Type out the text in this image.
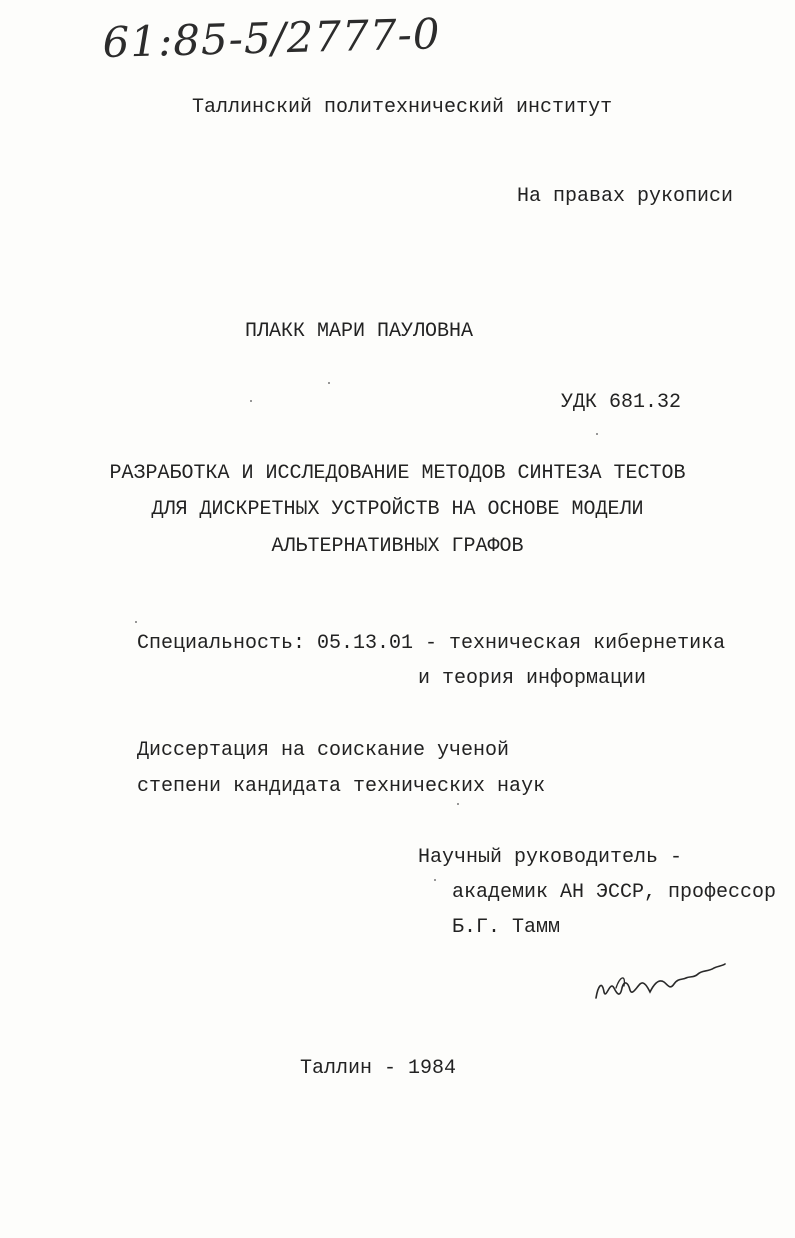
61:85-5/2777-0
Таллинский политехнический институт
На правах рукописи
ПЛАКК МАРИ ПАУЛОВНА
УДК 681.32
РАЗРАБОТКА И ИССЛЕДОВАНИЕ МЕТОДОВ СИНТЕЗА ТЕСТОВ
ДЛЯ ДИСКРЕТНЫХ УСТРОЙСТВ НА ОСНОВЕ МОДЕЛИ
АЛЬТЕРНАТИВНЫХ ГРАФОВ
Специальность: 05.13.01 - техническая кибернетика
и теория информации
Диссертация на соискание ученой
степени кандидата технических наук
Научный руководитель -
академик АН ЭССР, профессор
Б.Г. Тамм
Таллин - 1984
